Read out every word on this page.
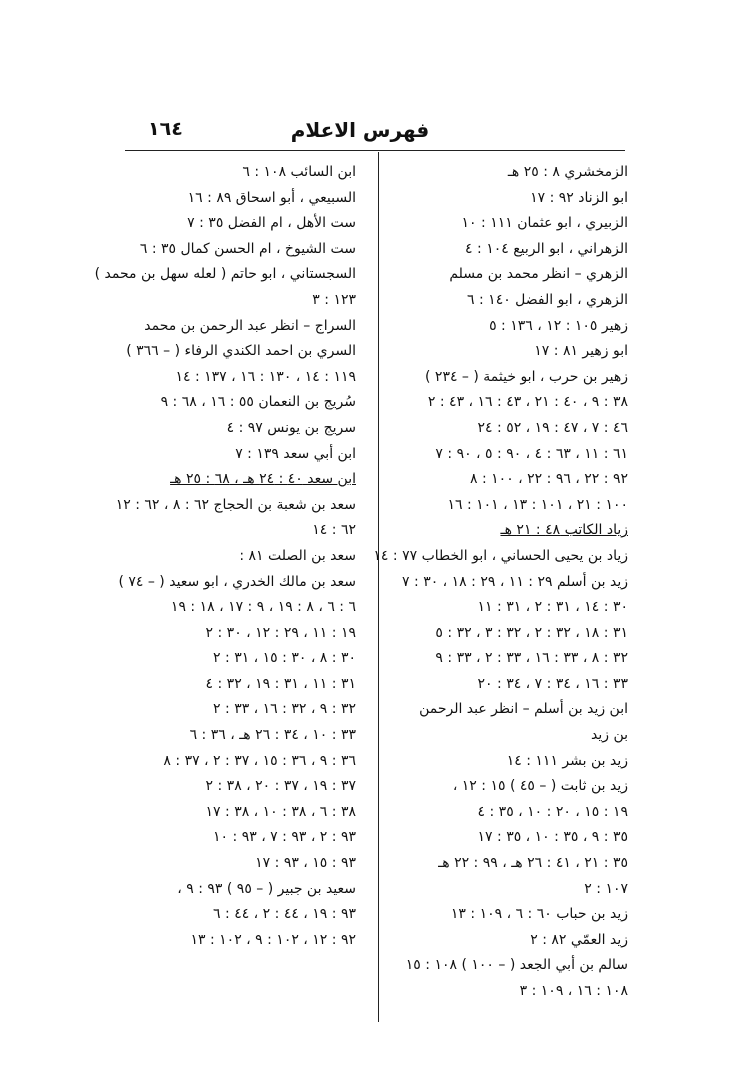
١٦٤	فهرس الاعلام
الزمخشري ٨ : ٢٥ هـ
ابو الزناد ٩٢ : ١٧
الزبيري ، ابو عثمان ١١١ : ١٠
الزهراني ، ابو الربيع ١٠٤ : ٤
الزهري – انظر محمد بن مسلم
الزهري ، ابو الفضل ١٤٠ : ٦
زهير ١٠٥ : ١٢ ، ١٣٦ : ٥
ابو زهير ٨١ : ١٧
زهير بن حرب ، ابو خيثمة ( – ٢٣٤ )
٣٨ : ٩ ، ٤٠ : ٢١ ، ٤٣ : ١٦ ، ٤٣ : ٢
٤٦ : ٧ ، ٤٧ : ١٩ ، ٥٢ : ٢٤
٦١ : ١١ ، ٦٣ : ٤ ، ٩٠ : ٥ ، ٩٠ : ٧
٩٢ : ٢٢ ، ٩٦ : ٢٢ ، ١٠٠ : ٨
١٠٠ : ٢١ ، ١٠١ : ١٣ ، ١٠١ : ١٦
زياد الكاتب ٤٨ : ٢١ هـ
زياد بن يحيى الحساني ، ابو الخطاب ٧٧ : ١٤
زيد بن أسلم ٢٩ : ١١ ، ٢٩ : ١٨ ، ٣٠ : ٧
٣٠ : ١٤ ، ٣١ : ٢ ، ٣١ : ١١
٣١ : ١٨ ، ٣٢ : ٢ ، ٣٢ : ٣ ، ٣٢ : ٥
٣٢ : ٨ ، ٣٣ : ١٦ ، ٣٣ : ٢ ، ٣٣ : ٩
٣٣ : ١٦ ، ٣٤ : ٧ ، ٣٤ : ٢٠
ابن زيد بن أسلم – انظر عبد الرحمن
بن زيد
زيد بن بشر ١١١ : ١٤
زيد بن ثابت ( – ٤٥ ) ١٥ : ١٢ ،
١٩ : ١٥ ، ٢٠ : ١٠ ، ٣٥ : ٤
٣٥ : ٩ ، ٣٥ : ١٠ ، ٣٥ : ١٧
٣٥ : ٢١ ، ٤١ : ٢٦ هـ ، ٩٩ : ٢٢ هـ
١٠٧ : ٢
زيد بن حباب ٦٠ : ٦ ، ١٠٩ : ١٣
زيد العمّي ٨٢ : ٢
سالم بن أبي الجعد ( – ١٠٠ ) ١٠٨ : ١٥
١٠٨ : ١٦ ، ١٠٩ : ٣
ابن السائب ١٠٨ : ٦
السبيعي ، أبو اسحاق ٨٩ : ١٦
ست الأهل ، ام الفضل ٣٥ : ٧
ست الشيوخ ، ام الحسن كمال ٣٥ : ٦
السجستاني ، ابو حاتم ( لعله سهل بن محمد )
١٢٣ : ٣
السراج – انظر عبد الرحمن بن محمد
السري بن احمد الكندي الرفاء ( – ٣٦٦ )
١١٩ : ١٤ ، ١٣٠ : ١٦ ، ١٣٧ : ١٤
سُريج بن النعمان ٥٥ : ١٦ ، ٦٨ : ٩
سريج بن يونس ٩٧ : ٤
ابن أبي سعد ١٣٩ : ٧
ابن سعد ٤٠ : ٢٤ هـ ، ٦٨ : ٢٥ هـ
سعد بن شعبة بن الحجاج ٦٢ : ٨ ، ٦٢ : ١٢
٦٢ : ١٤
سعد بن الصلت ٨١ :
سعد بن مالك الخدري ، ابو سعيد ( – ٧٤ )
٦ : ٦ ، ٨ : ١٩ ، ٩ : ١٧ ، ١٨ : ١٩
١٩ : ١١ ، ٢٩ : ١٢ ، ٣٠ : ٢
٣٠ : ٨ ، ٣٠ : ١٥ ، ٣١ : ٢
٣١ : ١١ ، ٣١ : ١٩ ، ٣٢ : ٤
٣٢ : ٩ ، ٣٢ : ١٦ ، ٣٣ : ٢
٣٣ : ١٠ ، ٣٤ : ٢٦ هـ ، ٣٦ : ٦
٣٦ : ٩ ، ٣٦ : ١٥ ، ٣٧ : ٢ ، ٣٧ : ٨
٣٧ : ١٩ ، ٣٧ : ٢٠ ، ٣٨ : ٢
٣٨ : ٦ ، ٣٨ : ١٠ ، ٣٨ : ١٧
٩٣ : ٢ ، ٩٣ : ٧ ، ٩٣ : ١٠
٩٣ : ١٥ ، ٩٣ : ١٧
سعيد بن جبير ( – ٩٥ ) ٩٣ : ٩ ،
٩٣ : ١٩ ، ٤٤ : ٢ ، ٤٤ : ٦
٩٢ : ١٢ ، ١٠٢ : ٩ ، ١٠٢ : ١٣
